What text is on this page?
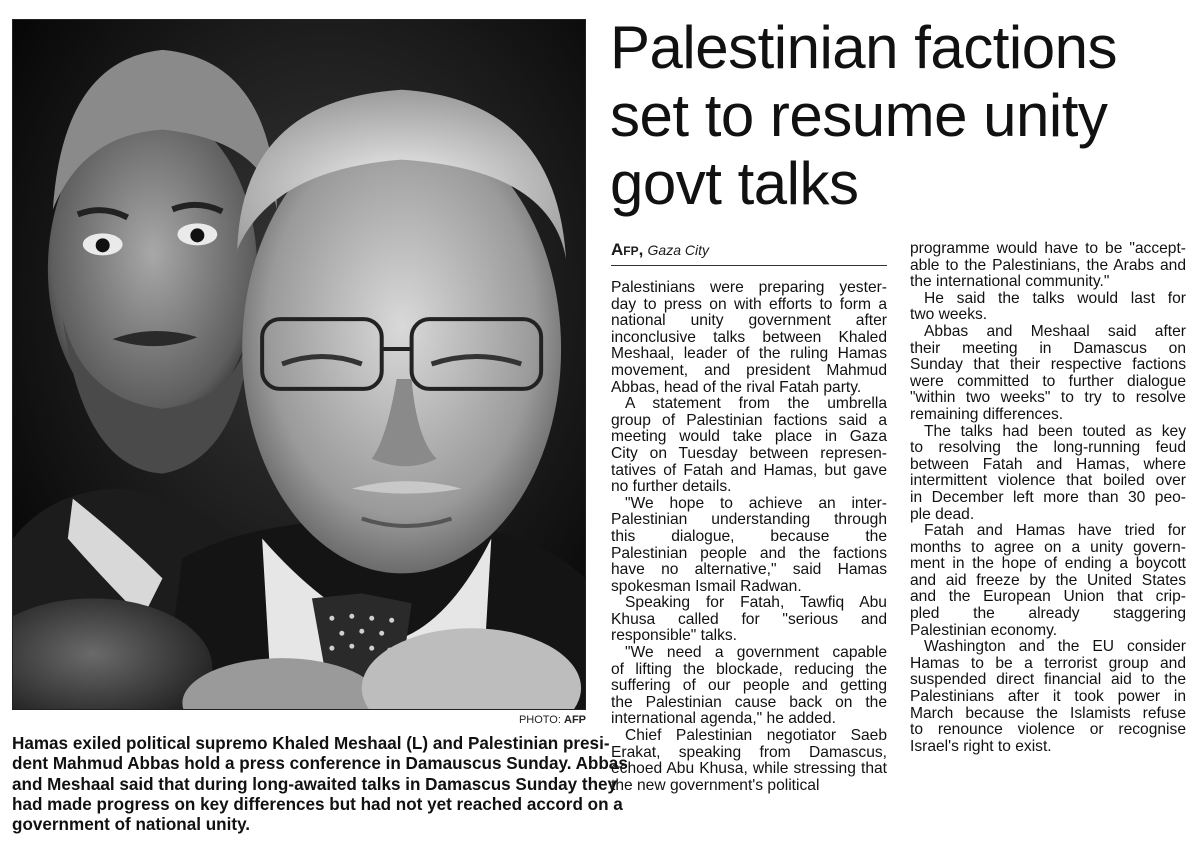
PHOTO: AFP
Hamas exiled political supremo Khaled Meshaal (L) and Palestinian presi-
dent Mahmud Abbas hold a press conference in Damauscus Sunday. Abbas
and Meshaal said that during long-awaited talks in Damascus Sunday they
had made progress on key differences but had not yet reached accord on a
government of national unity.
Palestinian factions
set to resume unity
govt talks
Afp, Gaza City
Palestinians were preparing yester-
day to press on with efforts to form a
national unity government after
inconclusive talks between Khaled
Meshaal, leader of the ruling Hamas
movement, and president Mahmud
Abbas, head of the rival Fatah party.
A statement from the umbrella
group of Palestinian factions said a
meeting would take place in Gaza
City on Tuesday between represen-
tatives of Fatah and Hamas, but gave
no further details.
"We hope to achieve an inter-
Palestinian understanding through
this dialogue, because the
Palestinian people and the factions
have no alternative," said Hamas
spokesman Ismail Radwan.
Speaking for Fatah, Tawfiq Abu
Khusa called for "serious and
responsible" talks.
"We need a government capable
of lifting the blockade, reducing the
suffering of our people and getting
the Palestinian cause back on the
international agenda," he added.
Chief Palestinian negotiator Saeb
Erakat, speaking from Damascus,
echoed Abu Khusa, while stressing that
the new government's political
programme would have to be "accept-
able to the Palestinians, the Arabs and
the international community."
He said the talks would last for
two weeks.
Abbas and Meshaal said after
their meeting in Damascus on
Sunday that their respective factions
were committed to further dialogue
"within two weeks" to try to resolve
remaining differences.
The talks had been touted as key
to resolving the long-running feud
between Fatah and Hamas, where
intermittent violence that boiled over
in December left more than 30 peo-
ple dead.
Fatah and Hamas have tried for
months to agree on a unity govern-
ment in the hope of ending a boycott
and aid freeze by the United States
and the European Union that crip-
pled the already staggering
Palestinian economy.
Washington and the EU consider
Hamas to be a terrorist group and
suspended direct financial aid to the
Palestinians after it took power in
March because the Islamists refuse
to renounce violence or recognise
Israel's right to exist.
